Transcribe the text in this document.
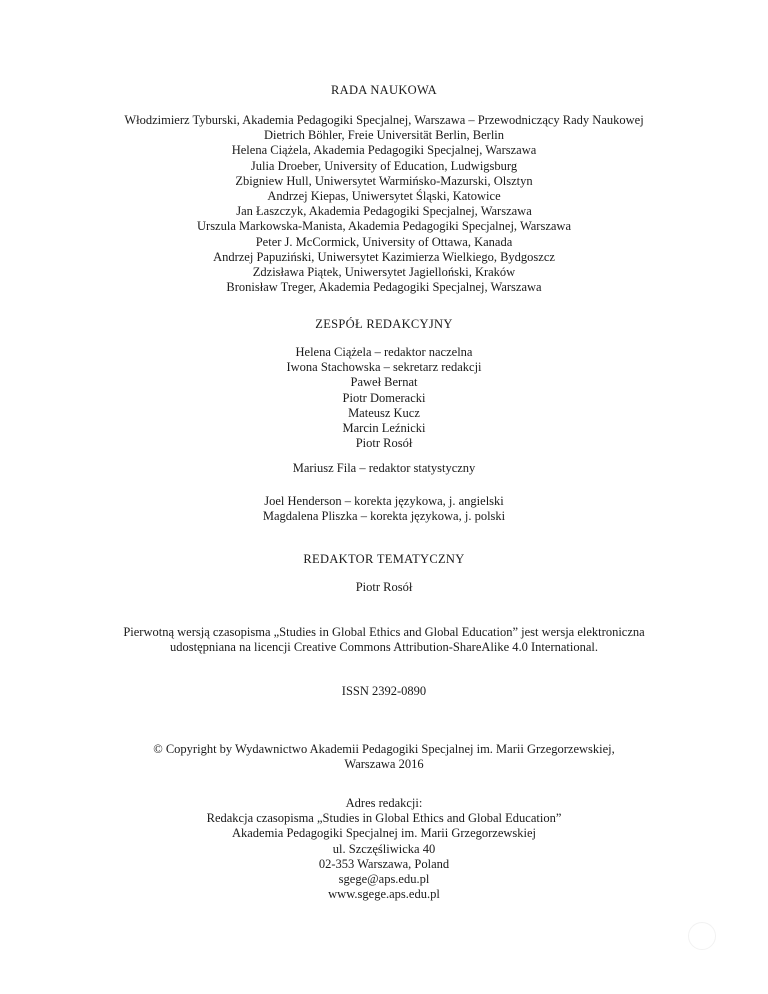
RADA NAUKOWA
Włodzimierz Tyburski, Akademia Pedagogiki Specjalnej, Warszawa – Przewodniczący Rady Naukowej
Dietrich Böhler, Freie Universität Berlin, Berlin
Helena Ciążela, Akademia Pedagogiki Specjalnej, Warszawa
Julia Droeber, University of Education, Ludwigsburg
Zbigniew Hull, Uniwersytet Warmińsko-Mazurski, Olsztyn
Andrzej Kiepas, Uniwersytet Śląski, Katowice
Jan Łaszczyk, Akademia Pedagogiki Specjalnej, Warszawa
Urszula Markowska-Manista, Akademia Pedagogiki Specjalnej, Warszawa
Peter J. McCormick, University of Ottawa, Kanada
Andrzej Papuziński, Uniwersytet Kazimierza Wielkiego, Bydgoszcz
Zdzisława Piątek, Uniwersytet Jagielloński, Kraków
Bronisław Treger, Akademia Pedagogiki Specjalnej, Warszawa
ZESPÓŁ REDAKCYJNY
Helena Ciążela – redaktor naczelna
Iwona Stachowska – sekretarz redakcji
Paweł Bernat
Piotr Domeracki
Mateusz Kucz
Marcin Leźnicki
Piotr Rosół
Mariusz Fila – redaktor statystyczny
Joel Henderson – korekta językowa, j. angielski
Magdalena Pliszka – korekta językowa, j. polski
REDAKTOR TEMATYCZNY
Piotr Rosół
Pierwotną wersją czasopisma „Studies in Global Ethics and Global Education” jest wersja elektroniczna
udostępniana na licencji Creative Commons Attribution-ShareAlike 4.0 International.
ISSN 2392-0890
© Copyright by Wydawnictwo Akademii Pedagogiki Specjalnej im. Marii Grzegorzewskiej,
Warszawa 2016
Adres redakcji:
Redakcja czasopisma „Studies in Global Ethics and Global Education”
Akademia Pedagogiki Specjalnej im. Marii Grzegorzewskiej
ul. Szczęśliwicka 40
02-353 Warszawa, Poland
sgege@aps.edu.pl
www.sgege.aps.edu.pl
